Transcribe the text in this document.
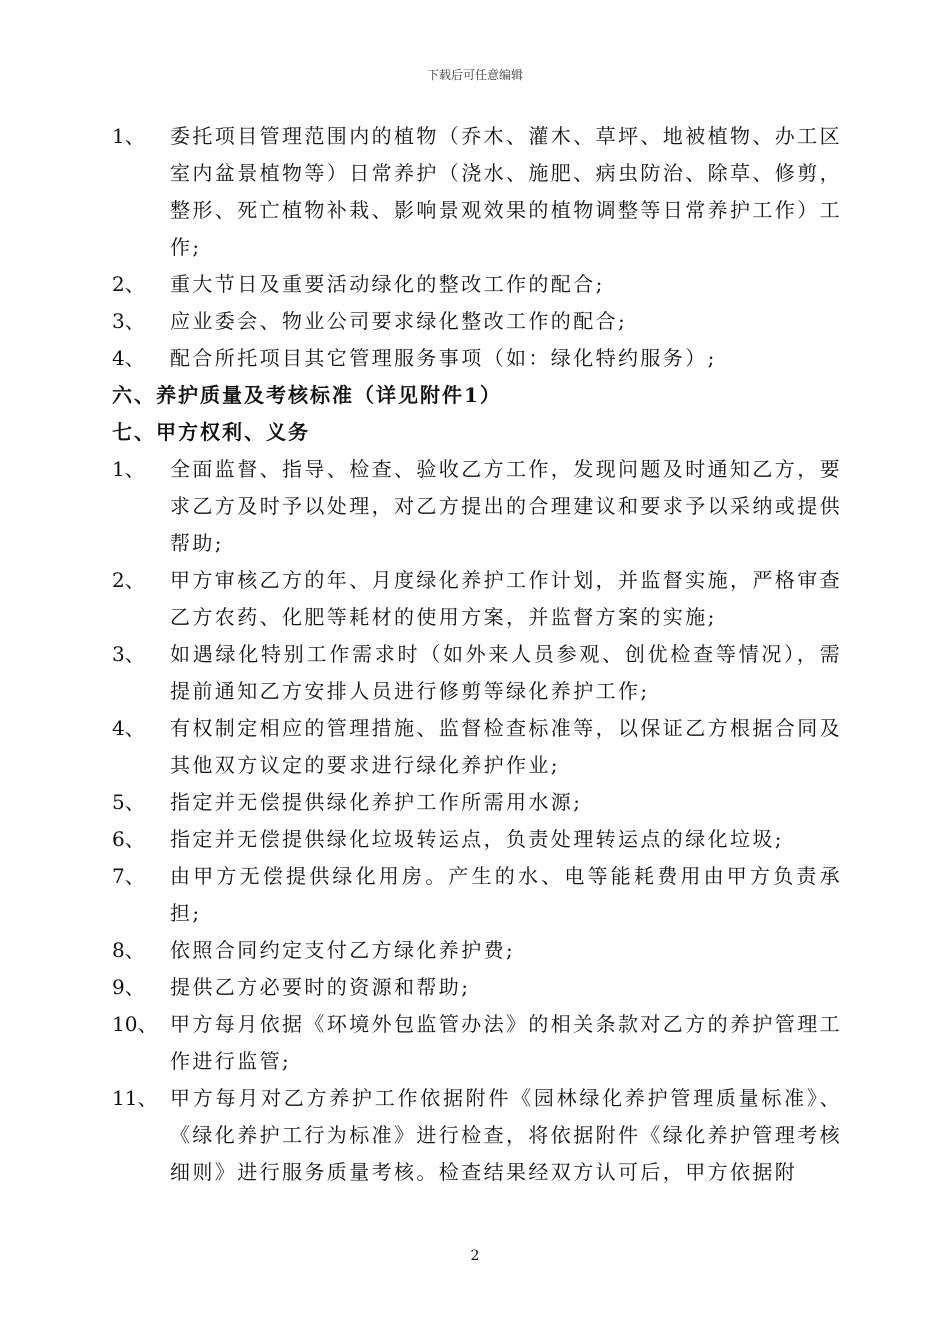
下载后可任意编辑
1、 委托项目管理范围内的植物（乔木、灌木、草坪、地被植物、办工区室内盆景植物等）日常养护（浇水、施肥、病虫防治、除草、修剪，整形、死亡植物补栽、影响景观效果的植物调整等日常养护工作）工作;
2、 重大节日及重要活动绿化的整改工作的配合;
3、 应业委会、物业公司要求绿化整改工作的配合;
4、 配合所托项目其它管理服务事项（如：绿化特约服务）;
六、养护质量及考核标准（详见附件1）
七、甲方权利、义务
1、 全面监督、指导、检查、验收乙方工作，发现问题及时通知乙方，要求乙方及时予以处理，对乙方提出的合理建议和要求予以采纳或提供帮助;
2、 甲方审核乙方的年、月度绿化养护工作计划，并监督实施，严格审查乙方农药、化肥等耗材的使用方案，并监督方案的实施;
3、 如遇绿化特别工作需求时（如外来人员参观、创优检查等情况），需提前通知乙方安排人员进行修剪等绿化养护工作;
4、 有权制定相应的管理措施、监督检查标准等，以保证乙方根据合同及其他双方议定的要求进行绿化养护作业;
5、 指定并无偿提供绿化养护工作所需用水源;
6、 指定并无偿提供绿化垃圾转运点，负责处理转运点的绿化垃圾;
7、 由甲方无偿提供绿化用房。产生的水、电等能耗费用由甲方负责承担;
8、 依照合同约定支付乙方绿化养护费;
9、 提供乙方必要时的资源和帮助;
10、 甲方每月依据《环境外包监管办法》的相关条款对乙方的养护管理工作进行监管;
11、 甲方每月对乙方养护工作依据附件《园林绿化养护管理质量标准》、《绿化养护工行为标准》进行检查，将依据附件《绿化养护管理考核细则》进行服务质量考核。检查结果经双方认可后，甲方依据附
2
